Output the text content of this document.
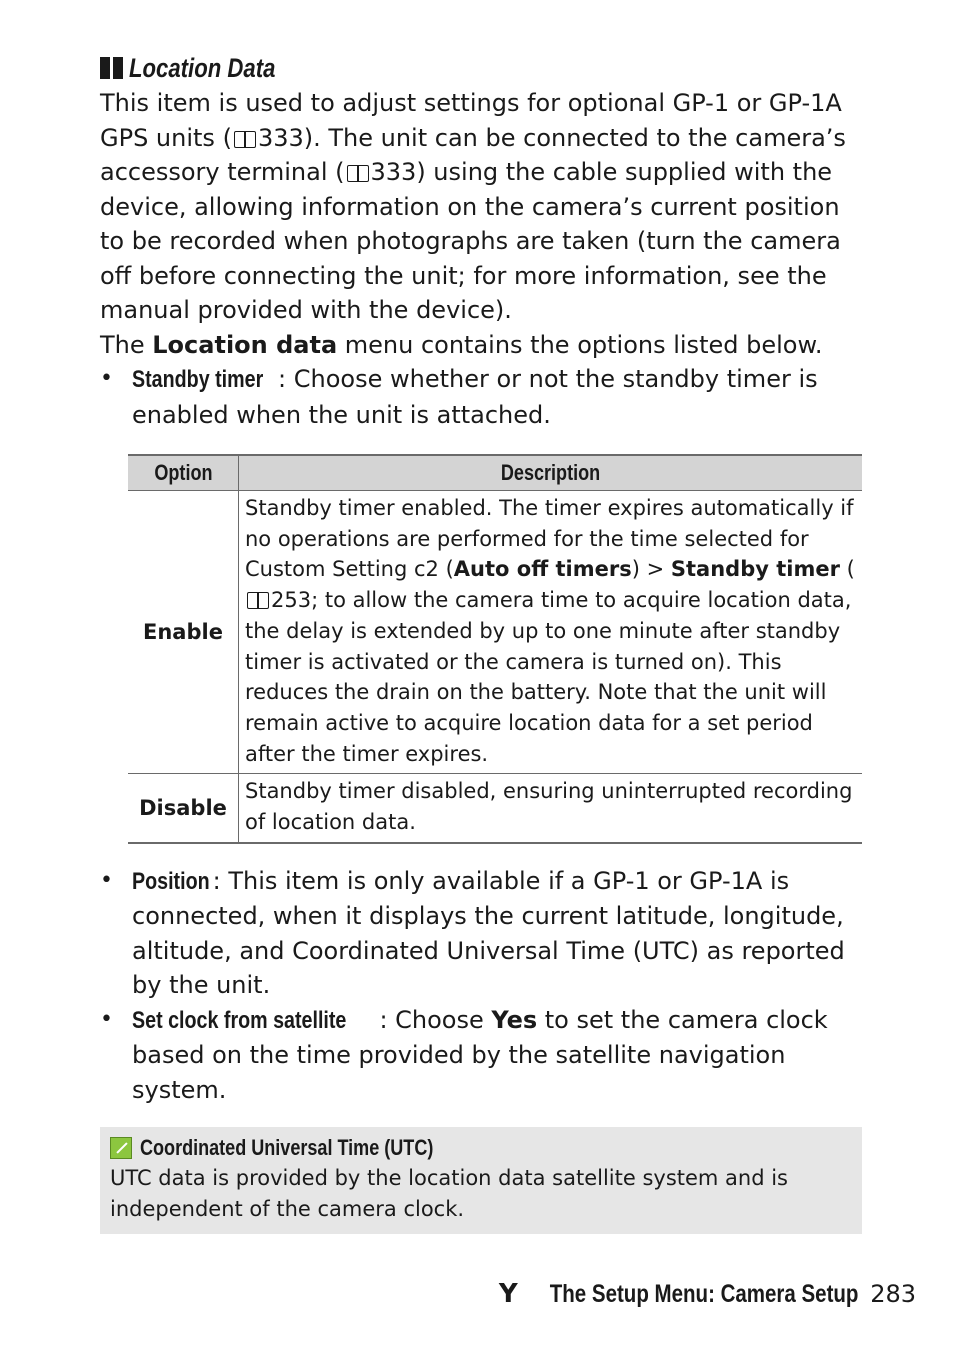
Location Data

This item is used to adjust settings for optional GP-1 or GP-1A GPS units ( 333). The unit can be connected to the camera’s accessory terminal ( 333) using the cable supplied with the device, allowing information on the camera’s current position to be recorded when photographs are taken (turn the camera off before connecting the unit; for more information, see the manual provided with the device).

The Location data menu contains the options listed below.

• Standby timer : Choose whether or not the standby timer is enabled when the unit is attached.
Option	Description
Enable	Standby timer enabled. The timer expires automatically if no operations are performed for the time selected for Custom Setting c2 (Auto off timers) > Standby timer (253; to allow the camera time to acquire location data, the delay is extended by up to one minute after standby timer is activated or the camera is turned on). This reduces the drain on the battery. Note that the unit will remain active to acquire location data for a set period after the timer expires.
Disable	Standby timer disabled, ensuring uninterrupted recording of location data.
• Position : This item is only available if a GP-1 or GP-1A is connected, when it displays the current latitude, longitude, altitude, and Coordinated Universal Time (UTC) as reported by the unit.
• Set clock from satellite : Choose Yes to set the camera clock based on the time provided by the satellite navigation system.
Coordinated Universal Time (UTC)
UTC data is provided by the location data satellite system and is independent of the camera clock.
Y The Setup Menu: Camera Setup 283
